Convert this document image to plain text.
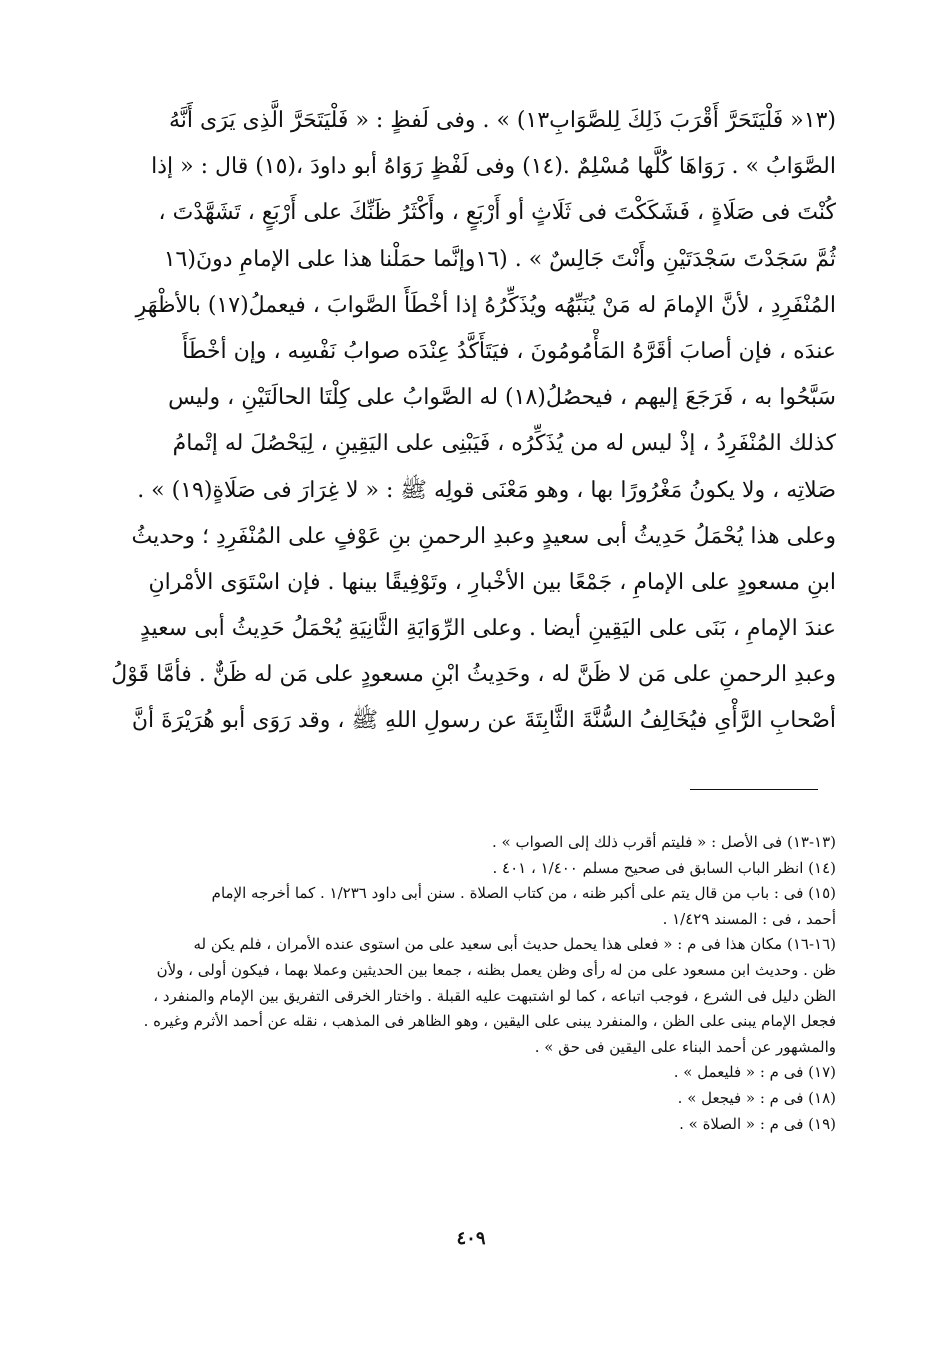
(١٣« فَلْيَتَحَرَّ أَقْرَبَ ذَلِكَ لِلصَّوَابِ١٣) » . وفى لَفظٍ : « فَلْيَتَحَرَّ الَّذِى يَرَى أَنَّهُ
الصَّوَابُ » . رَوَاهَا كُلَّها مُسْلِمٌ .(١٤) وفى لَفْظٍ رَوَاهُ أبو داودَ ،(١٥) قال : « إذا
كُنْتَ فى صَلَاةٍ ، فَشَكَكْتَ فى ثَلَاثٍ أو أَرْبَعٍ ، وأَكْثَرُ ظَنِّكَ على أَرْبَعٍ ، تَشَهَّدْتَ ،
ثُمَّ سَجَدْتَ سَجْدَتَيْنِ وأَنْتَ جَالِسٌ » . (١٦وإنَّما حمَلْنا هذا على الإمامِ دونَ(١٦
المُنْفَرِدِ ، لأنَّ الإمامَ له مَنْ يُنَبِّهُه ويُذَكِّرُهُ إذا أخْطَأَ الصَّوابَ ، فيعملُ(١٧) بالأظْهَرِ
عندَه ، فإن أصابَ أقَرَّهُ المَأْمُومُونَ ، فيَتَأَكَّدُ عِنْدَه صوابُ نَفْسِه ، وإن أخْطَأَ
سَبَّحُوا به ، فَرَجَعَ إليهم ، فيحصُلُ(١٨) له الصَّوابُ على كِلْتَا الحالَتَيْنِ ، وليس
كذلك المُنْفَرِدُ ، إذْ ليس له من يُذَكِّرُه ، فَيَبْنِى على اليَقِينِ ، لِيَحْصُلَ له إتْمامُ
صَلاتِه ، ولا يكونُ مَغْرُورًا بها ، وهو مَعْنَى قولِه ﷺ : « لا غِرَارَ فى صَلَاةٍ(١٩) » .
وعلى هذا يُحْمَلُ حَدِيثُ أبى سعيدٍ وعبدِ الرحمنِ بنِ عَوْفٍ على المُنْفَرِدِ ؛ وحديثُ
ابنِ مسعودٍ على الإمامِ ، جَمْعًا بين الأخْبارِ ، وتَوْفِيقًا بينها . فإن اسْتَوَى الأمْرانِ
عندَ الإمامِ ، بَنَى على اليَقِينِ أيضا . وعلى الرِّوَايَةِ الثَّانِيَةِ يُحْمَلُ حَدِيثُ أبى سعيدٍ
وعبدِ الرحمنِ على مَن لا ظَنَّ له ، وحَدِيثُ ابْنِ مسعودٍ على مَن له ظَنٌّ . فأمَّا قَوْلُ
أصْحابِ الرَّأْىِ فيُخَالِفُ السُّنَّةَ الثَّابِتَةَ عن رسولِ اللهِ ﷺ ، وقد رَوَى أبو هُرَيْرَةَ أنَّ
(١٣-١٣) فى الأصل : « فليتم أقرب ذلك إلى الصواب » .
(١٤) انظر الباب السابق فى صحيح مسلم ١/٤٠٠ ، ٤٠١ .
(١٥) فى : باب من قال يتم على أكبر ظنه ، من كتاب الصلاة . سنن أبى داود ١/٢٣٦ . كما أخرجه الإمام
أحمد ، فى : المسند ١/٤٢٩ .
(١٦-١٦) مكان هذا فى م : « فعلى هذا يحمل حديث أبى سعيد على من استوى عنده الأمران ، فلم يكن له
ظن . وحديث ابن مسعود على من له رأى وظن يعمل بظنه ، جمعا بين الحديثين وعملا بهما ، فيكون أولى ، ولأن
الظن دليل فى الشرع ، فوجب اتباعه ، كما لو اشتبهت عليه القبلة . واختار الخرقى التفريق بين الإمام والمنفرد ،
فجعل الإمام يبنى على الظن ، والمنفرد يبنى على اليقين ، وهو الظاهر فى المذهب ، نقله عن أحمد الأثرم وغيره .
والمشهور عن أحمد البناء على اليقين فى حق » .
(١٧) فى م : « فليعمل » .
(١٨) فى م : « فيجعل » .
(١٩) فى م : « الصلاة » .
٤٠٩
